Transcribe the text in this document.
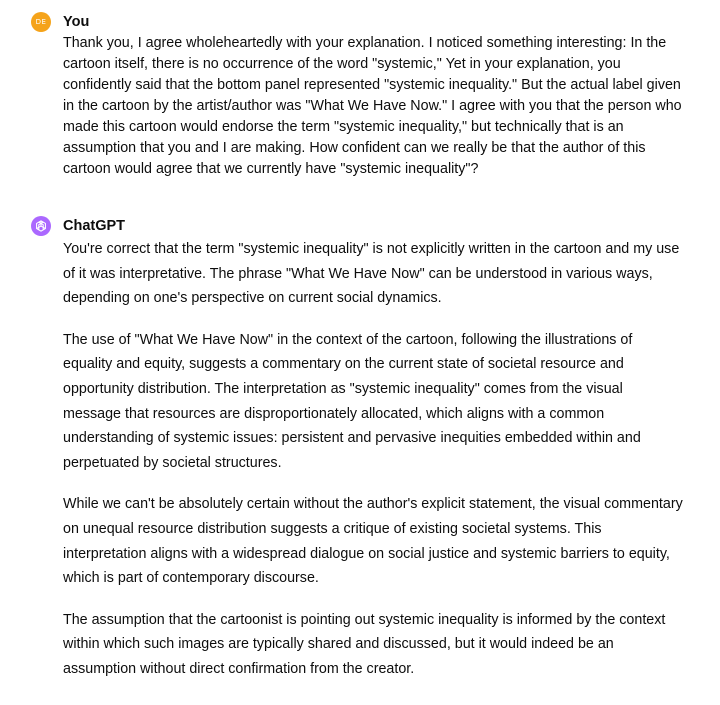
DE You

Thank you, I agree wholeheartedly with your explanation. I noticed something interesting: In the cartoon itself, there is no occurrence of the word "systemic," Yet in your explanation, you confidently said that the bottom panel represented "systemic inequality." But the actual label given in the cartoon by the artist/author was "What We Have Now." I agree with you that the person who made this cartoon would endorse the term "systemic inequality," but technically that is an assumption that you and I are making. How confident can we really be that the author of this cartoon would agree that we currently have "systemic inequality"?

ChatGPT

You're correct that the term "systemic inequality" is not explicitly written in the cartoon and my use of it was interpretative. The phrase "What We Have Now" can be understood in various ways, depending on one's perspective on current social dynamics.

The use of "What We Have Now" in the context of the cartoon, following the illustrations of equality and equity, suggests a commentary on the current state of societal resource and opportunity distribution. The interpretation as "systemic inequality" comes from the visual message that resources are disproportionately allocated, which aligns with a common understanding of systemic issues: persistent and pervasive inequities embedded within and perpetuated by societal structures.

While we can't be absolutely certain without the author's explicit statement, the visual commentary on unequal resource distribution suggests a critique of existing societal systems. This interpretation aligns with a widespread dialogue on social justice and systemic barriers to equity, which is part of contemporary discourse.

The assumption that the cartoonist is pointing out systemic inequality is informed by the context within which such images are typically shared and discussed, but it would indeed be an assumption without direct confirmation from the creator.
